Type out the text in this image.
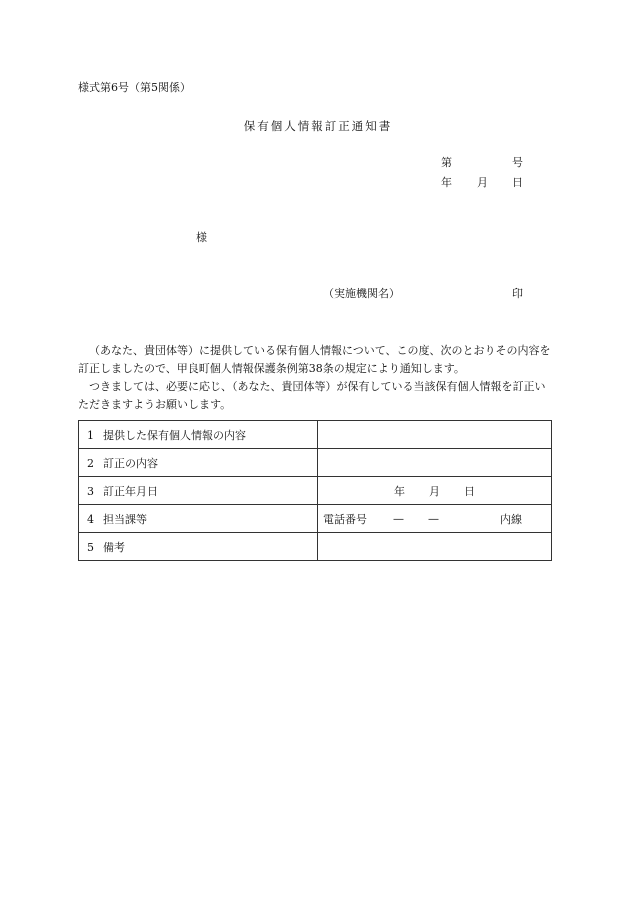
様式第6号（第5関係）
保有個人情報訂正通知書
第	号
年 月 日
様
（実施機関名）	印

（あなた、貴団体等）に提供している保有個人情報について、この度、次のとおりその内容を訂正しましたので、甲良町個人情報保護条例第38条の規定により通知します。

つきましては、必要に応じ、（あなた、貴団体等）が保有している当該保有個人情報を訂正いただきますようお願いします。

1 提供した保有個人情報の内容	
2 訂正の内容	
3 訂正年月日	年 月 日

4 担当課等	電話番号 — — 内線

5 備考	
